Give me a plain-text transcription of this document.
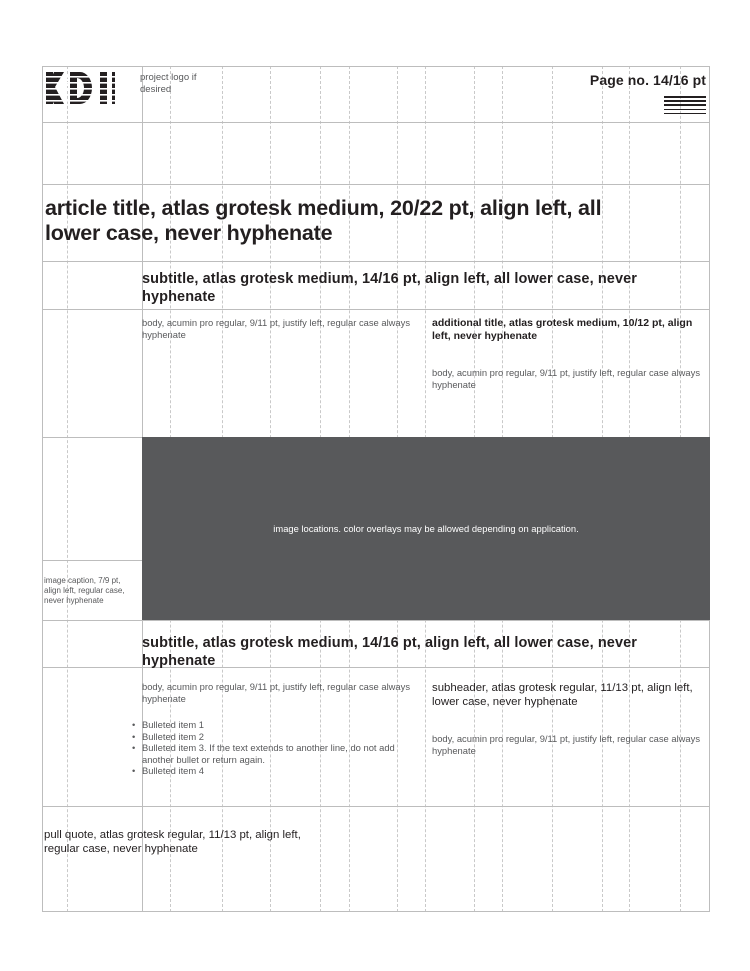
project logo if desired
Page no. 14/16 pt
article title, atlas grotesk medium, 20/22 pt, align left, all lower case, never hyphenate
subtitle, atlas grotesk medium, 14/16 pt, align left, all lower case, never hyphenate
body, acumin pro regular, 9/11 pt, justify left, regular case always hyphenate
additional title, atlas grotesk medium, 10/12 pt, align left, never hyphenate
body, acumin pro regular, 9/11 pt, justify left, regular case always hyphenate
image locations. color overlays may be allowed depending on application.
image caption, 7/9 pt, align left, regular case, never hyphenate
subtitle, atlas grotesk medium, 14/16 pt, align left, all lower case, never hyphenate
body, acumin pro regular, 9/11 pt, justify left, regular case always hyphenate
• Bulleted item 1
• Bulleted item 2
• Bulleted item 3. If the text extends to another line, do not add another bullet or return again.
• Bulleted item 4
subheader, atlas grotesk regular, 11/13 pt, align left, lower case, never hyphenate
body, acumin pro regular, 9/11 pt, justify left, regular case always hyphenate
pull quote, atlas grotesk regular, 11/13 pt, align left, regular case, never hyphenate
